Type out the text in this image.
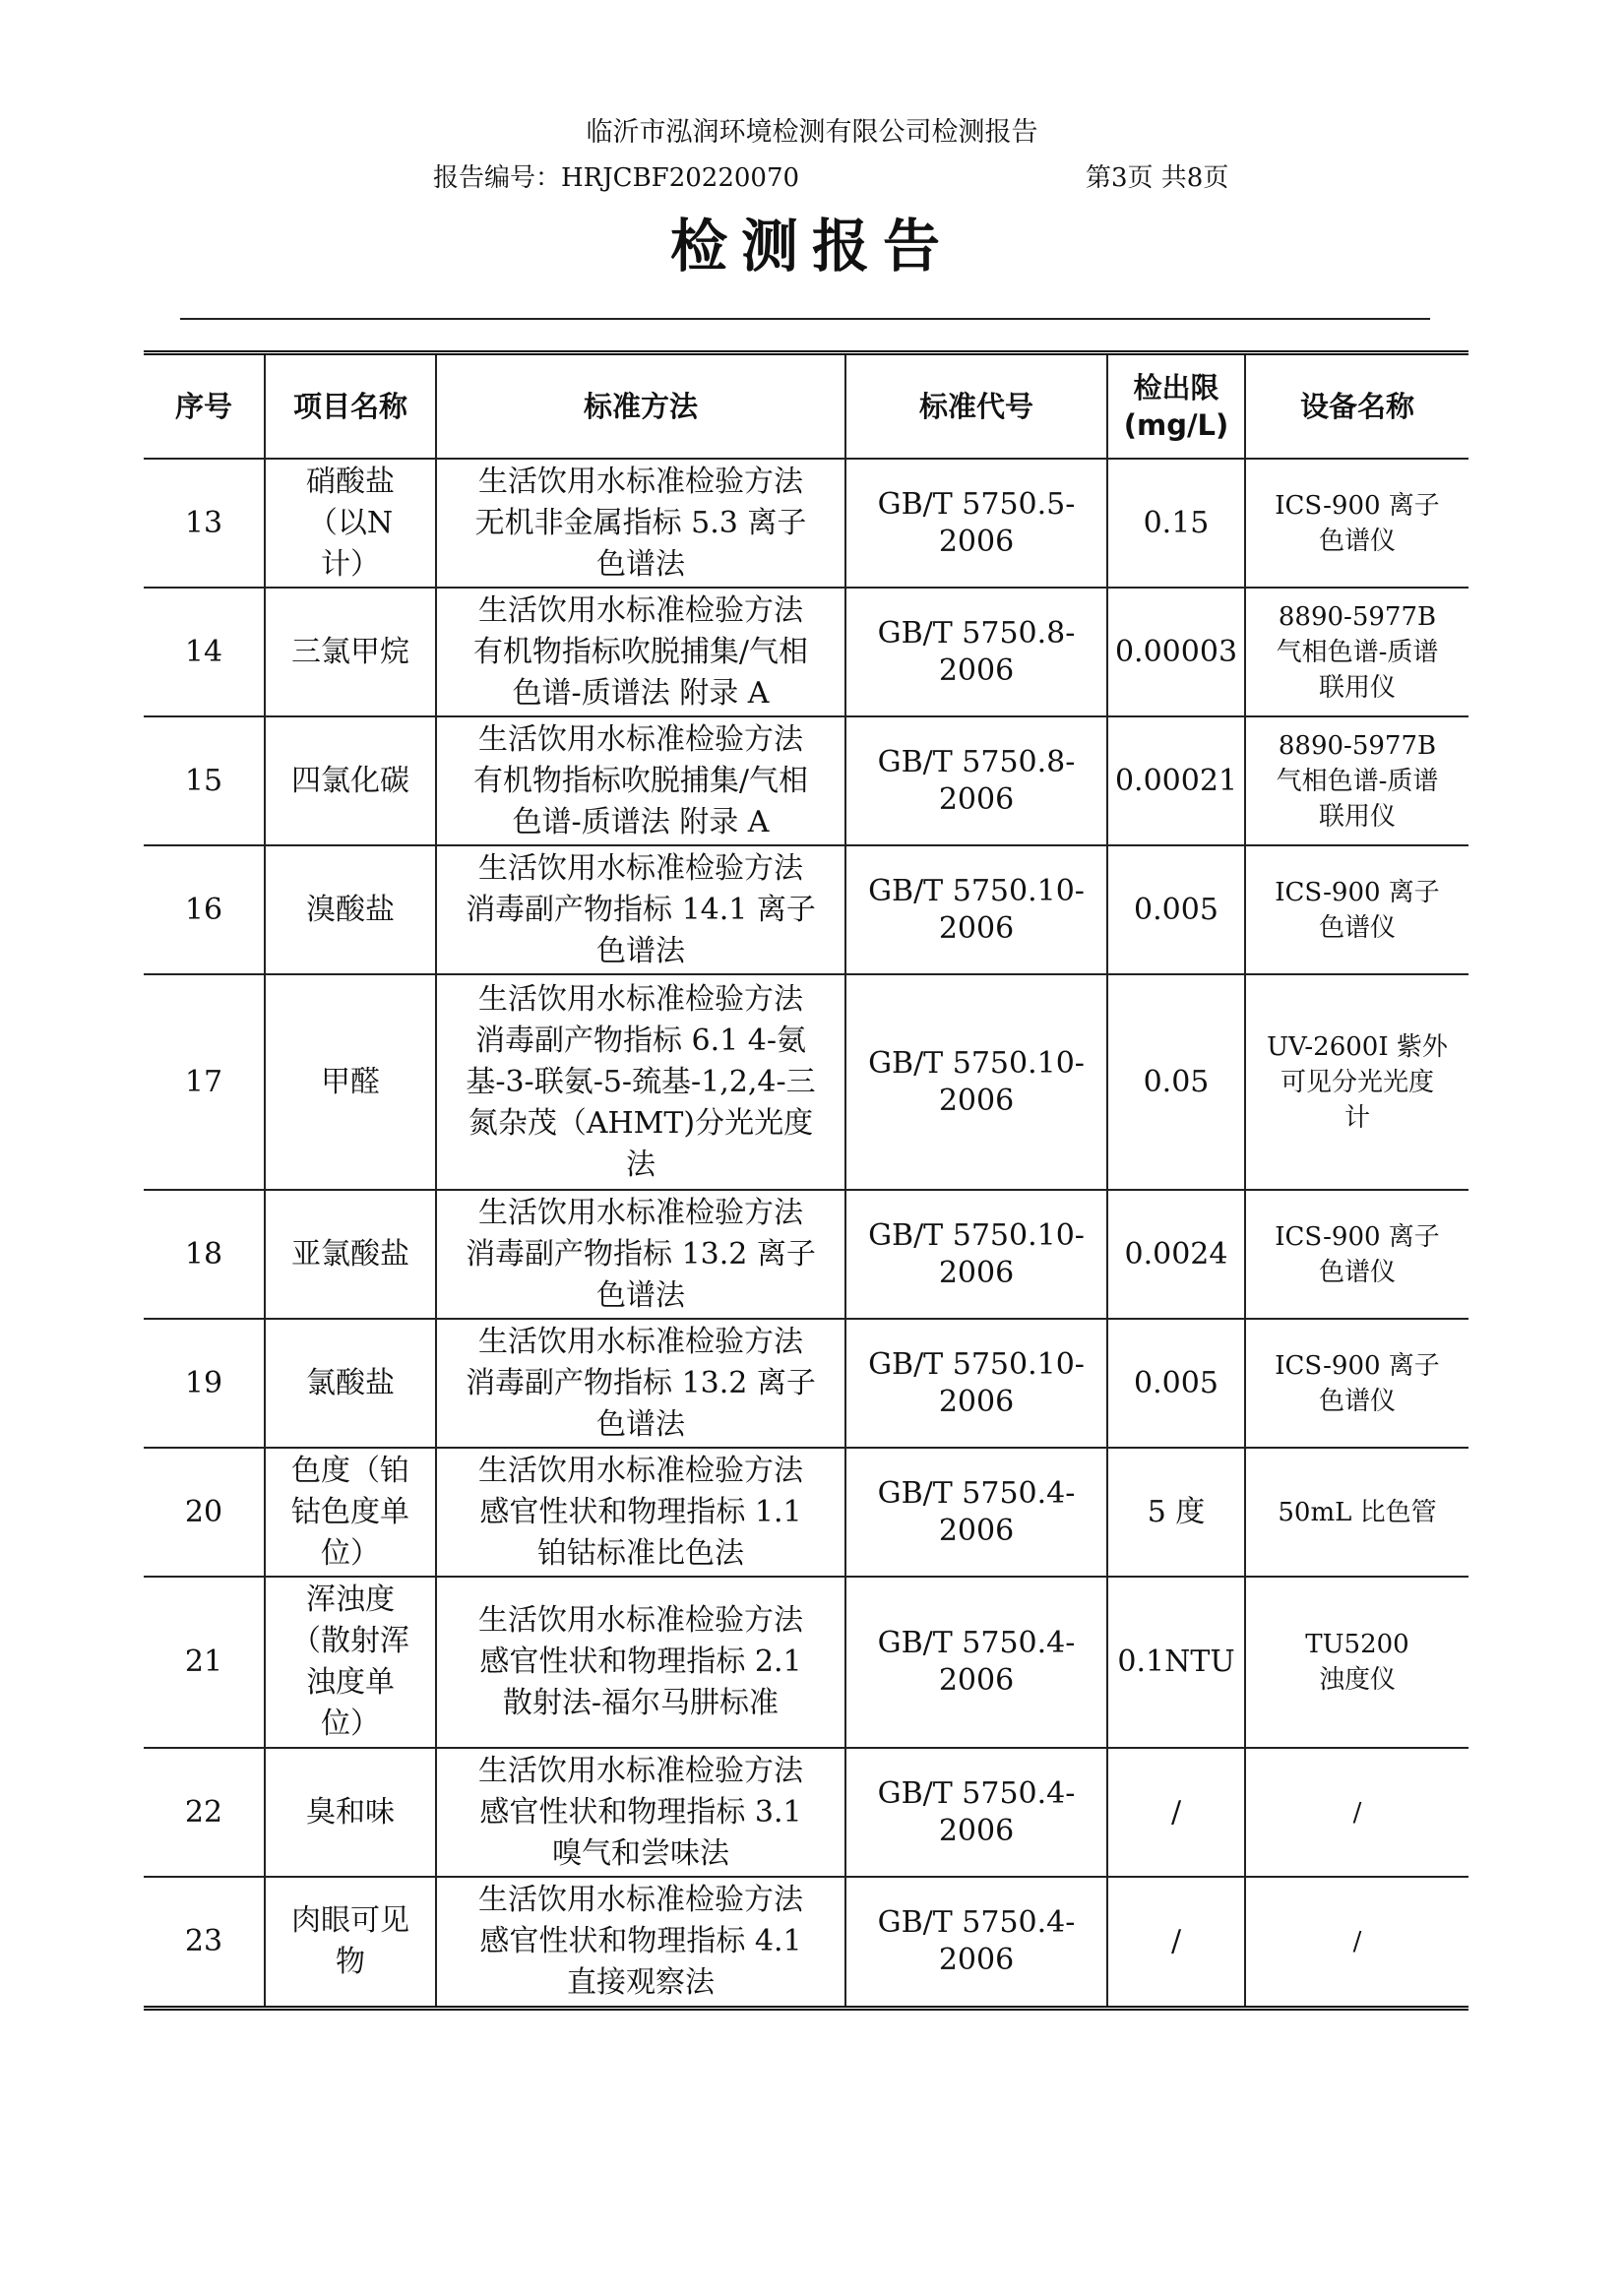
临沂市泓润环境检测有限公司检测报告
报告编号：HRJCBF20220070	第3页 共8页
检测报告
序号	项目名称	标准方法	标准代号	检出限
(mg/L)	设备名称
13	硝酸盐
（以N
计）	生活饮用水标准检验方法
无机非金属指标 5.3 离子
色谱法	GB/T 5750.5-
2006	0.15	ICS-900 离子
色谱仪

14	三氯甲烷	生活饮用水标准检验方法
有机物指标吹脱捕集/气相
色谱-质谱法 附录 A	GB/T 5750.8-
2006	0.00003	8890-5977B
气相色谱-质谱
联用仪

15	四氯化碳	生活饮用水标准检验方法
有机物指标吹脱捕集/气相
色谱-质谱法 附录 A	GB/T 5750.8-
2006	0.00021	8890-5977B
气相色谱-质谱
联用仪

16	溴酸盐	生活饮用水标准检验方法
消毒副产物指标 14.1 离子
色谱法	GB/T 5750.10-
2006	0.005	ICS-900 离子
色谱仪

17	甲醛	生活饮用水标准检验方法
消毒副产物指标 6.1 4-氨
基-3-联氨-5-巯基-1,2,4-三
氮杂茂（AHMT)分光光度
法	GB/T 5750.10-
2006	0.05	UV-2600I 紫外
可见分光光度
计

18	亚氯酸盐	生活饮用水标准检验方法
消毒副产物指标 13.2 离子
色谱法	GB/T 5750.10-
2006	0.0024	ICS-900 离子
色谱仪

19	氯酸盐	生活饮用水标准检验方法
消毒副产物指标 13.2 离子
色谱法	GB/T 5750.10-
2006	0.005	ICS-900 离子
色谱仪

20	色度（铂
钴色度单
位）	生活饮用水标准检验方法
感官性状和物理指标 1.1
铂钴标准比色法	GB/T 5750.4-
2006	5 度	50mL 比色管

21	浑浊度
（散射浑
浊度单
位）	生活饮用水标准检验方法
感官性状和物理指标 2.1
散射法-福尔马肼标准	GB/T 5750.4-
2006	0.1NTU	TU5200
浊度仪

22	臭和味	生活饮用水标准检验方法
感官性状和物理指标 3.1
嗅气和尝味法	GB/T 5750.4-
2006	/	/

23	肉眼可见
物	生活饮用水标准检验方法
感官性状和物理指标 4.1
直接观察法	GB/T 5750.4-
2006	/	/
